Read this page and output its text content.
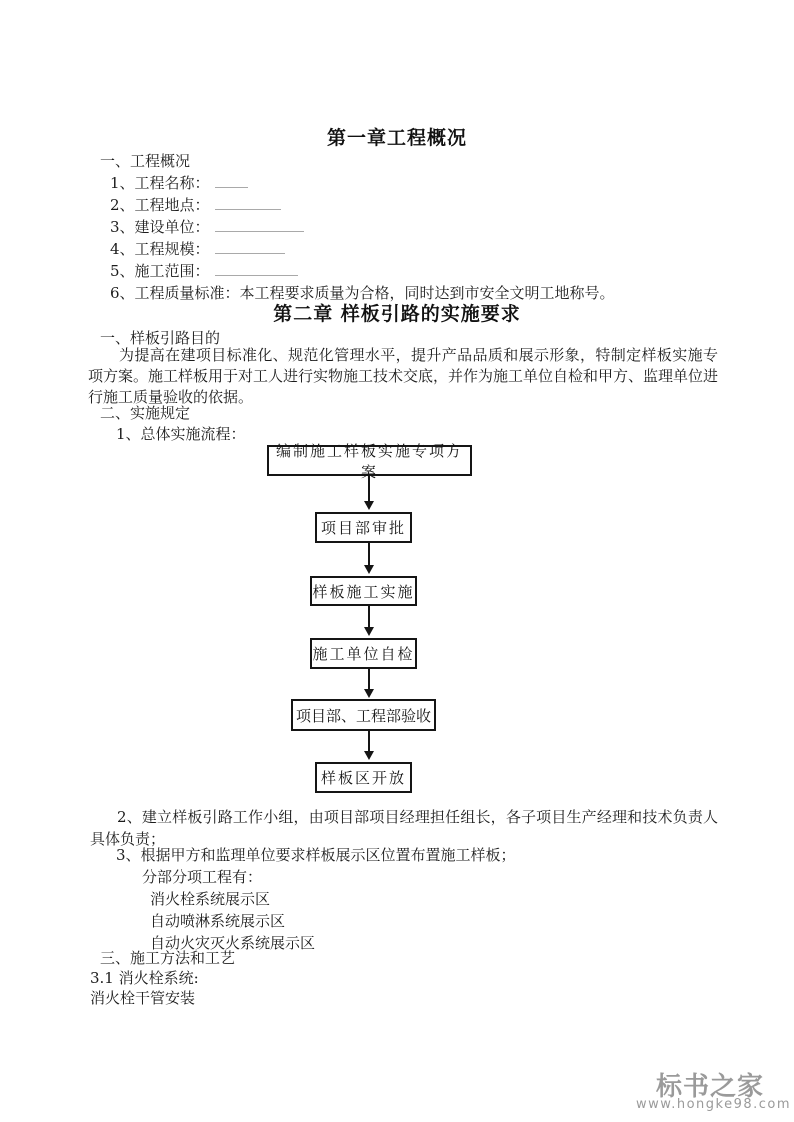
第一章工程概况
一、工程概况
1、工程名称：
2、工程地点：
3、建设单位：
4、工程规模：
5、施工范围：
6、工程质量标准：本工程要求质量为合格，同时达到市安全文明工地称号。
第二章 样板引路的实施要求
一、样板引路目的
为提高在建项目标准化、规范化管理水平，提升产品品质和展示形象，特制定样板实施专项方案。施工样板用于对工人进行实物施工技术交底，并作为施工单位自检和甲方、监理单位进行施工质量验收的依据。
二、实施规定
1、总体实施流程：
编制施工样板实施专项方案
项目部审批
样板施工实施
施工单位自检
项目部、工程部验收
样板区开放
2、建立样板引路工作小组，由项目部项目经理担任组长，各子项目生产经理和技术负责人具体负责；
3、根据甲方和监理单位要求样板展示区位置布置施工样板；
分部分项工程有：
消火栓系统展示区
自动喷淋系统展示区
自动火灾灭火系统展示区
三、施工方法和工艺
3.1 消火栓系统:
消火栓干管安装
标书之家
www.hongke98.com
